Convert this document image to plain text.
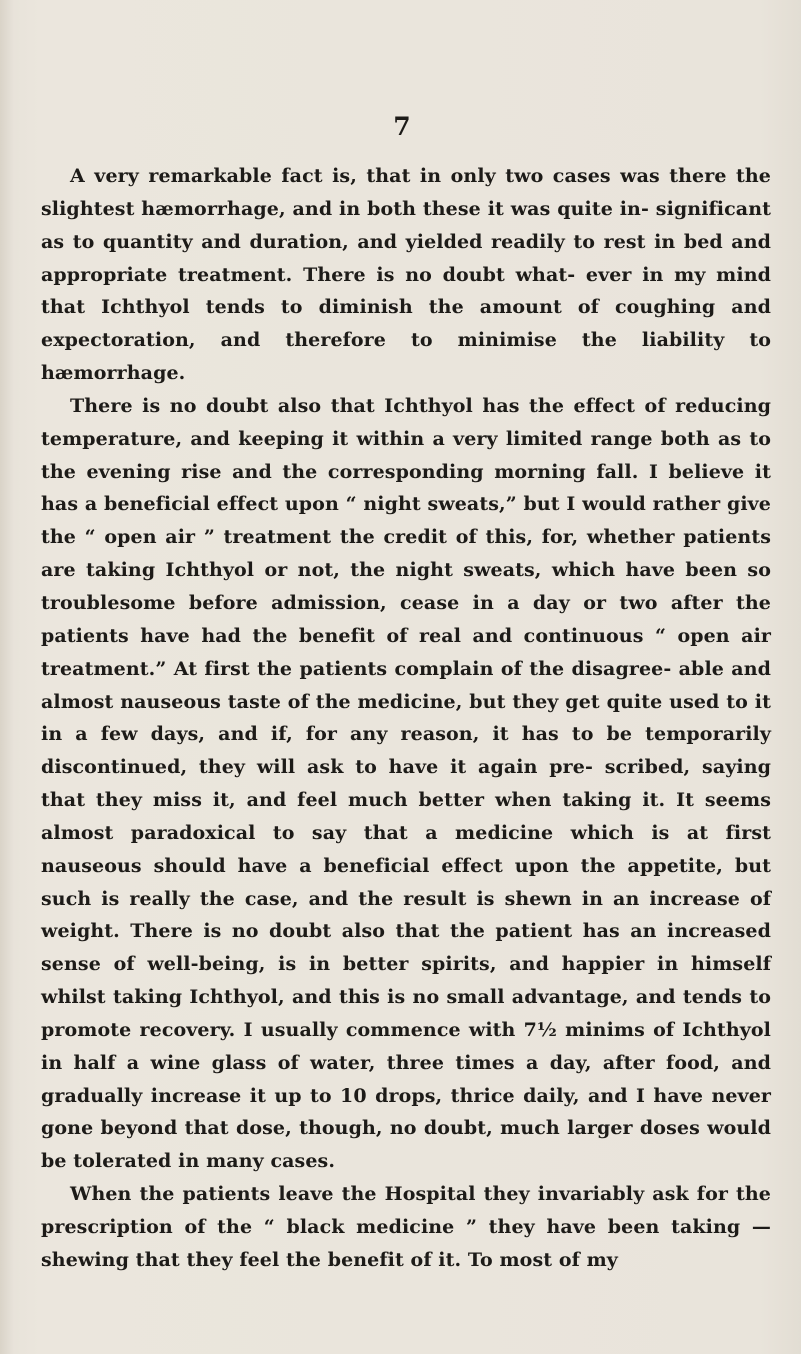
7

A very remarkable fact is, that in only two cases was there the slightest hæmorrhage, and in both these it was quite in- significant as to quantity and duration, and yielded readily to rest in bed and appropriate treatment. There is no doubt what- ever in my mind that Ichthyol tends to diminish the amount of coughing and expectoration, and therefore to minimise the liability to hæmorrhage.

There is no doubt also that Ichthyol has the effect of reducing temperature, and keeping it within a very limited range both as to the evening rise and the corresponding morning fall. I believe it has a beneficial effect upon “ night sweats,” but I would rather give the “ open air ” treatment the credit of this, for, whether patients are taking Ichthyol or not, the night sweats, which have been so troublesome before admission, cease in a day or two after the patients have had the benefit of real and continuous “ open air treatment.” At first the patients complain of the disagree- able and almost nauseous taste of the medicine, but they get quite used to it in a few days, and if, for any reason, it has to be temporarily discontinued, they will ask to have it again pre- scribed, saying that they miss it, and feel much better when taking it. It seems almost paradoxical to say that a medicine which is at first nauseous should have a beneficial effect upon the appetite, but such is really the case, and the result is shewn in an increase of weight. There is no doubt also that the patient has an increased sense of well-being, is in better spirits, and happier in himself whilst taking Ichthyol, and this is no small advantage, and tends to promote recovery. I usually commence with 7½ minims of Ichthyol in half a wine glass of water, three times a day, after food, and gradually increase it up to 10 drops, thrice daily, and I have never gone beyond that dose, though, no doubt, much larger doses would be tolerated in many cases.

When the patients leave the Hospital they invariably ask for the prescription of the “ black medicine ” they have been taking —shewing that they feel the benefit of it. To most of my
